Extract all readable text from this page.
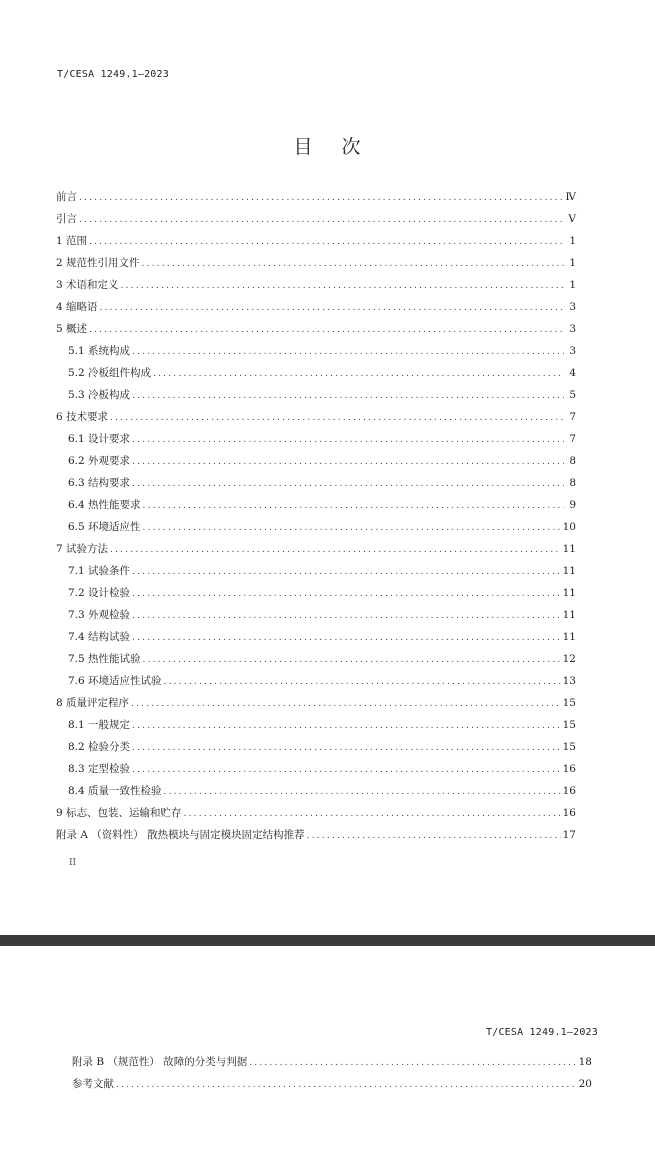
T/CESA 1249.1—2023
目 次
前言 .....	Ⅳ
引言 .....	Ⅴ
1 范围 .....	1
2 规范性引用文件 .....	1
3 术语和定义 .....	1
4 缩略语 .....	3
5 概述 .....	3
5.1 系统构成 .....	3
5.2 冷板组件构成 .....	4
5.3 冷板构成 .....	5
6 技术要求 .....	7
6.1 设计要求 .....	7
6.2 外观要求 .....	8
6.3 结构要求 .....	8
6.4 热性能要求 .....	9
6.5 环境适应性 .....	10
7 试验方法 .....	11
7.1 试验条件 .....	11
7.2 设计检验 .....	11
7.3 外观检验 .....	11
7.4 结构试验 .....	11
7.5 热性能试验 .....	12
7.6 环境适应性试验 .....	13
8 质量评定程序 .....	15
8.1 一般规定 .....	15
8.2 检验分类 .....	15
8.3 定型检验 .....	16
8.4 质量一致性检验 .....	16
9 标志、包装、运输和贮存 .....	16
附录 A （资料性） 散热模块与固定模块固定结构推荐 .....	17
II
T/CESA 1249.1—2023
附录 B （规范性） 故障的分类与判据 .....	18
参考文献 .....	20
